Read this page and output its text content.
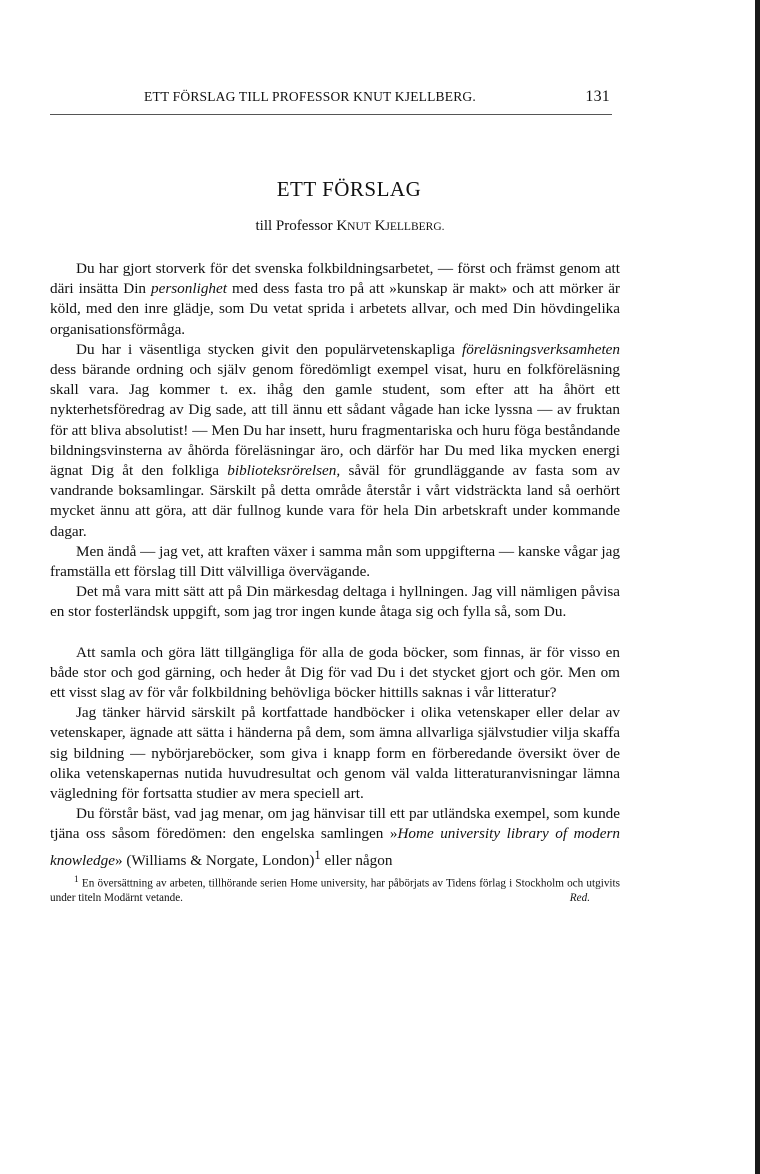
ETT FÖRSLAG TILL PROFESSOR KNUT KJELLBERG.	131
ETT FÖRSLAG
till Professor KNUT KJELLBERG.

Du har gjort storverk för det svenska folkbildningsarbetet, — först och främst genom att däri insätta Din personlighet med dess fasta tro på att »kunskap är makt» och att mörker är köld, med den inre glädje, som Du vetat sprida i arbetets allvar, och med Din hövdingelika organisationsförmåga.

Du har i väsentliga stycken givit den populärvetenskapliga föreläsningsverksamheten dess bärande ordning och själv genom föredömligt exempel visat, huru en folkföreläsning skall vara. Jag kommer t. ex. ihåg den gamle student, som efter att ha åhört ett nykterhetsföredrag av Dig sade, att till ännu ett sådant vågade han icke lyssna — av fruktan för att bliva absolutist! — Men Du har insett, huru fragmentariska och huru föga beståndande bildningsvinsterna av åhörda föreläsningar äro, och därför har Du med lika mycken energi ägnat Dig åt den folkliga biblioteksrörelsen, såväl för grundläggande av fasta som av vandrande boksamlingar. Särskilt på detta område återstår i vårt vidsträckta land så oerhört mycket ännu att göra, att där fullnog kunde vara för hela Din arbetskraft under kommande dagar.

Men ändå — jag vet, att kraften växer i samma mån som uppgifterna — kanske vågar jag framställa ett förslag till Ditt välvilliga övervägande.

Det må vara mitt sätt att på Din märkesdag deltaga i hyllningen. Jag vill nämligen påvisa en stor fosterländsk uppgift, som jag tror ingen kunde åtaga sig och fylla så, som Du.

Att samla och göra lätt tillgängliga för alla de goda böcker, som finnas, är för visso en både stor och god gärning, och heder åt Dig för vad Du i det stycket gjort och gör. Men om ett visst slag av för vår folkbildning behövliga böcker hittills saknas i vår litteratur?

Jag tänker härvid särskilt på kortfattade handböcker i olika vetenskaper eller delar av vetenskaper, ägnade att sätta i händerna på dem, som ämna allvarliga självstudier vilja skaffa sig bildning — nybörjareböcker, som giva i knapp form en förberedande översikt över de olika vetenskapernas nutida huvudresultat och genom väl valda litteraturanvisningar lämna vägledning för fortsatta studier av mera speciell art.

Du förstår bäst, vad jag menar, om jag hänvisar till ett par utländska exempel, som kunde tjäna oss såsom föredömen: den engelska samlingen »Home university library of modern knowledge» (Williams & Norgate, London)$^1$ eller någon

$^1$ En översättning av arbeten, tillhörande serien Home university, har påbörjats av Tidens förlag i Stockholm och utgivits under titeln Modärnt vetande.	Red.
